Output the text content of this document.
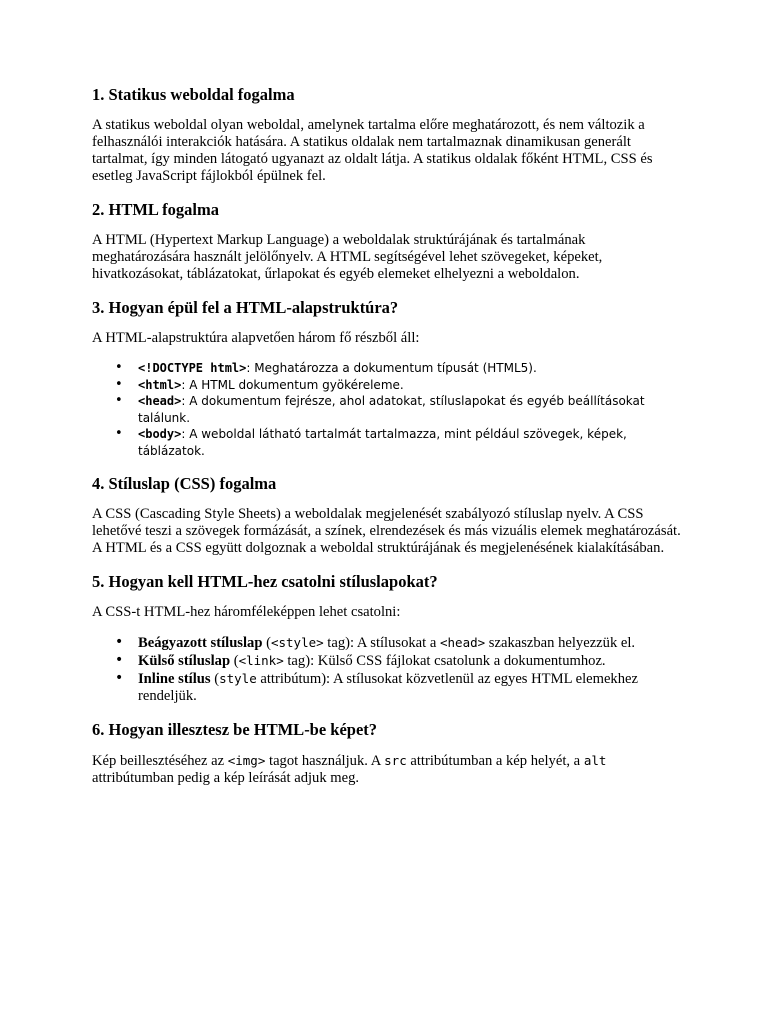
1. Statikus weboldal fogalma

A statikus weboldal olyan weboldal, amelynek tartalma előre meghatározott, és nem változik a felhasználói interakciók hatására. A statikus oldalak nem tartalmaznak dinamikusan generált tartalmat, így minden látogató ugyanazt az oldalt látja. A statikus oldalak főként HTML, CSS és esetleg JavaScript fájlokból épülnek fel.

2. HTML fogalma

A HTML (Hypertext Markup Language) a weboldalak struktúrájának és tartalmának meghatározására használt jelölőnyelv. A HTML segítségével lehet szövegeket, képeket, hivatkozásokat, táblázatokat, űrlapokat és egyéb elemeket elhelyezni a weboldalon.

3. Hogyan épül fel a HTML-alapstruktúra?

A HTML-alapstruktúra alapvetően három fő részből áll:

• <!DOCTYPE html>: Meghatározza a dokumentum típusát (HTML5).
• <html>: A HTML dokumentum gyökéreleme.
• <head>: A dokumentum fejrésze, ahol adatokat, stíluslapokat és egyéb beállításokat találunk.
• <body>: A weboldal látható tartalmát tartalmazza, mint például szövegek, képek, táblázatok.
4. Stíluslap (CSS) fogalma

A CSS (Cascading Style Sheets) a weboldalak megjelenését szabályozó stíluslap nyelv. A CSS lehetővé teszi a szövegek formázását, a színek, elrendezések és más vizuális elemek meghatározását. A HTML és a CSS együtt dolgoznak a weboldal struktúrájának és megjelenésének kialakításában.

5. Hogyan kell HTML-hez csatolni stíluslapokat?

A CSS-t HTML-hez háromféleképpen lehet csatolni:

• Beágyazott stíluslap (<style> tag): A stílusokat a <head> szakaszban helyezzük el.
• Külső stíluslap (<link> tag): Külső CSS fájlokat csatolunk a dokumentumhoz.
• Inline stílus (style attribútum): A stílusokat közvetlenül az egyes HTML elemekhez rendeljük.
6. Hogyan illesztesz be HTML-be képet?

Kép beillesztéséhez az <img> tagot használjuk. A src attribútumban a kép helyét, a alt attribútumban pedig a kép leírását adjuk meg.
